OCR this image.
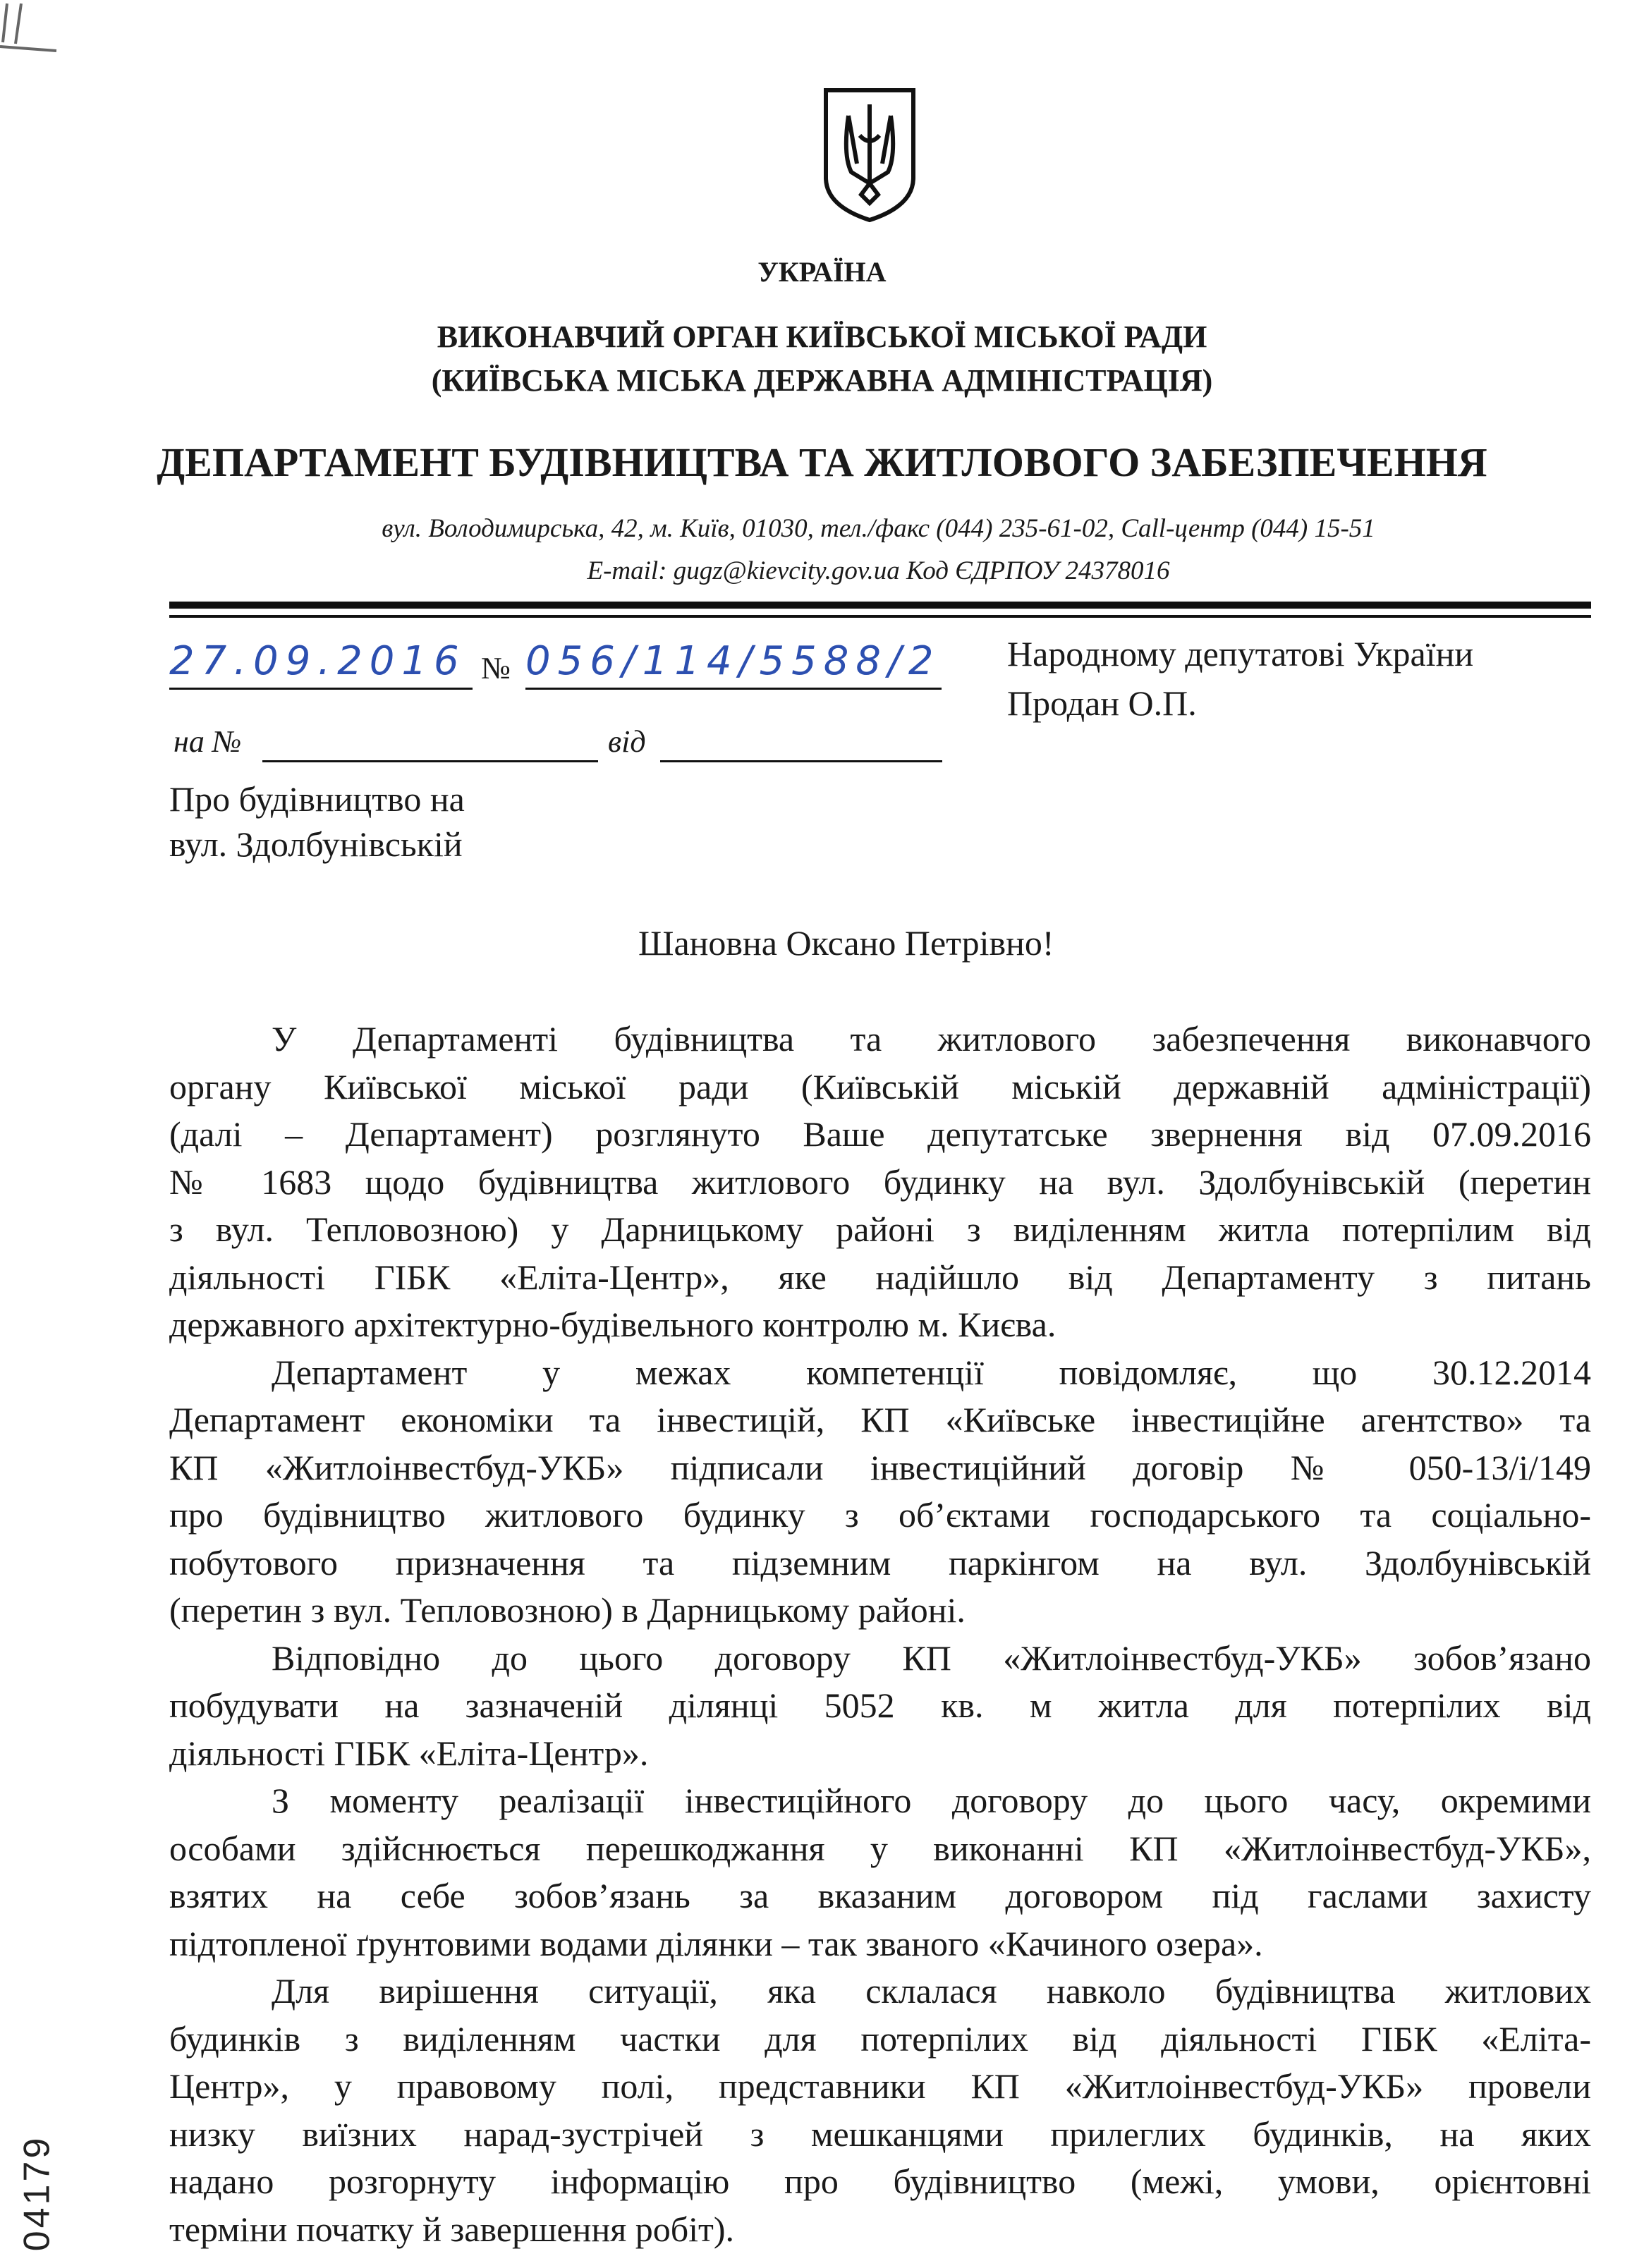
УКРАЇНА
ВИКОНАВЧИЙ ОРГАН КИЇВСЬКОЇ МІСЬКОЇ РАДИ
(КИЇВСЬКА МІСЬКА ДЕРЖАВНА АДМІНІСТРАЦІЯ)
ДЕПАРТАМЕНТ БУДІВНИЦТВА ТА ЖИТЛОВОГО ЗАБЕЗПЕЧЕННЯ
вул. Володимирська, 42, м. Київ, 01030, тел./факс (044) 235-61-02, Call-центр (044) 15-51
E-mail: gugz@kievcity.gov.ua Код ЄДРПОУ 24378016
27.09.2016 № 056/114/5588/2
на №	від
Народному депутатові України
Продан О.П.
Про будівництво на
вул. Здолбунівській
Шановна Оксано Петрівно!
У Департаменті будівництва та житлового забезпечення виконавчого
органу Київської міської ради (Київській міській державній адміністрації)
(далі – Департамент) розглянуто Ваше депутатське звернення від 07.09.2016
№ 1683 щодо будівництва житлового будинку на вул. Здолбунівській (перетин
з вул. Тепловозною) у Дарницькому районі з виділенням житла потерпілим від
діяльності ГІБК «Еліта-Центр», яке надійшло від Департаменту з питань
державного архітектурно-будівельного контролю м. Києва.
Департамент у межах компетенції повідомляє, що 30.12.2014
Департамент економіки та інвестицій, КП «Київське інвестиційне агентство» та
КП «Житлоінвестбуд-УКБ» підписали інвестиційний договір № 050-13/і/149
про будівництво житлового будинку з об’єктами господарського та соціально-
побутового призначення та підземним паркінгом на вул. Здолбунівській
(перетин з вул. Тепловозною) в Дарницькому районі.
Відповідно до цього договору КП «Житлоінвестбуд-УКБ» зобов’язано
побудувати на зазначеній ділянці 5052 кв. м житла для потерпілих від
діяльності ГІБК «Еліта-Центр».
З моменту реалізації інвестиційного договору до цього часу, окремими
особами здійснюється перешкоджання у виконанні КП «Житлоінвестбуд-УКБ»,
взятих на себе зобов’язань за вказаним договором під гаслами захисту
підтопленої ґрунтовими водами ділянки – так званого «Качиного озера».
Для вирішення ситуації, яка склалася навколо будівництва житлових
будинків з виділенням частки для потерпілих від діяльності ГІБК «Еліта-
Центр», у правовому полі, представники КП «Житлоінвестбуд-УКБ» провели
низку виїзних нарад-зустрічей з мешканцями прилеглих будинків, на яких
надано розгорнуту інформацію про будівництво (межі, умови, орієнтовні
терміни початку й завершення робіт).
04179
